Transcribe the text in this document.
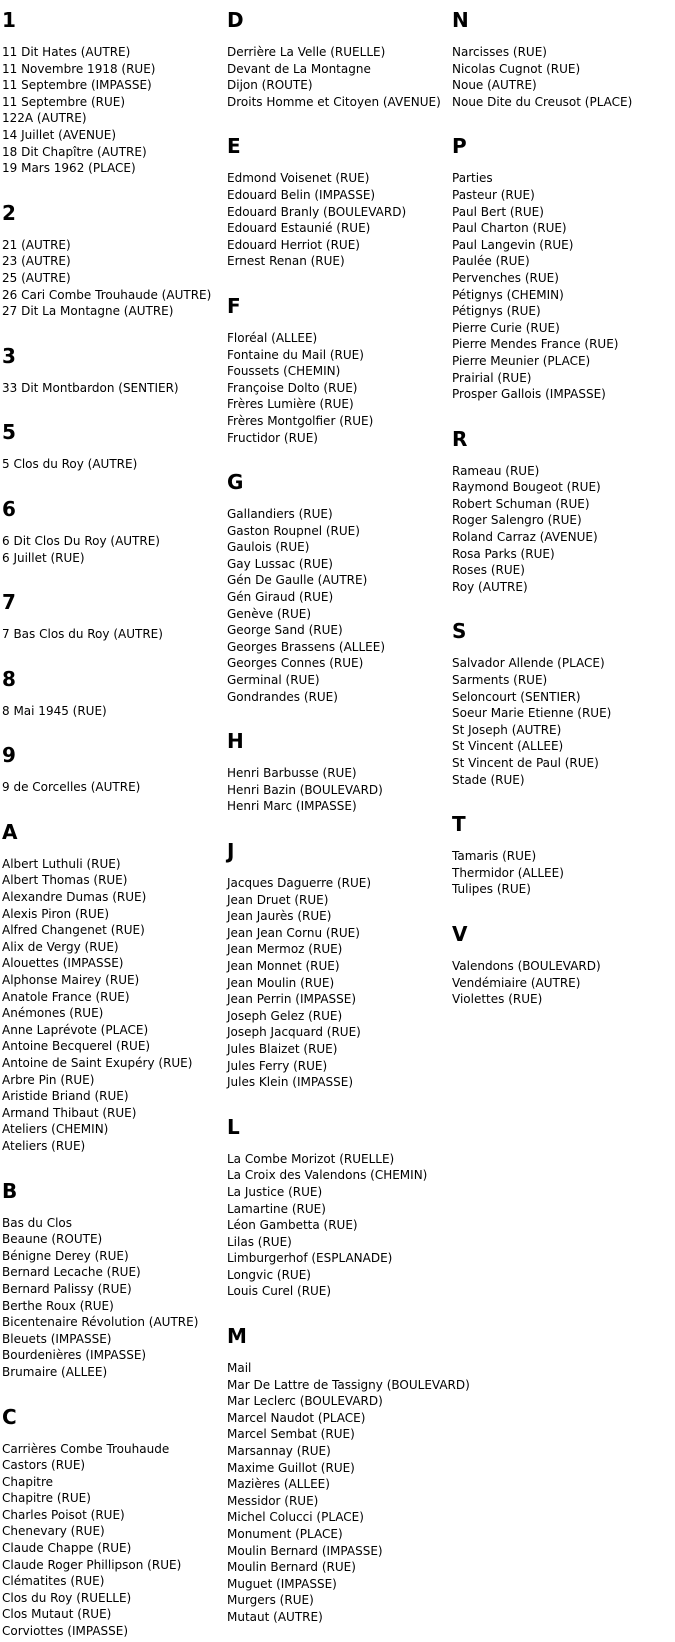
1
11 Dit Hates (AUTRE)
11 Novembre 1918 (RUE)
11 Septembre (IMPASSE)
11 Septembre (RUE)
122A (AUTRE)
14 Juillet (AVENUE)
18 Dit Chapître (AUTRE)
19 Mars 1962 (PLACE)
2
21 (AUTRE)
23 (AUTRE)
25 (AUTRE)
26 Cari Combe Trouhaude (AUTRE)
27 Dit La Montagne (AUTRE)
3
33 Dit Montbardon (SENTIER)
5
5 Clos du Roy (AUTRE)
6
6 Dit Clos Du Roy (AUTRE)
6 Juillet (RUE)
7
7 Bas Clos du Roy (AUTRE)
8
8 Mai 1945 (RUE)
9
9 de Corcelles (AUTRE)
A
Albert Luthuli (RUE)
Albert Thomas (RUE)
Alexandre Dumas (RUE)
Alexis Piron (RUE)
Alfred Changenet (RUE)
Alix de Vergy (RUE)
Alouettes (IMPASSE)
Alphonse Mairey (RUE)
Anatole France (RUE)
Anémones (RUE)
Anne Laprévote (PLACE)
Antoine Becquerel (RUE)
Antoine de Saint Exupéry (RUE)
Arbre Pin (RUE)
Aristide Briand (RUE)
Armand Thibaut (RUE)
Ateliers (CHEMIN)
Ateliers (RUE)
B
Bas du Clos
Beaune (ROUTE)
Bénigne Derey (RUE)
Bernard Lecache (RUE)
Bernard Palissy (RUE)
Berthe Roux (RUE)
Bicentenaire Révolution (AUTRE)
Bleuets (IMPASSE)
Bourdenières (IMPASSE)
Brumaire (ALLEE)
C
Carrières Combe Trouhaude
Castors (RUE)
Chapitre
Chapitre (RUE)
Charles Poisot (RUE)
Chenevary (RUE)
Claude Chappe (RUE)
Claude Roger Phillipson (RUE)
Clématites (RUE)
Clos du Roy (RUELLE)
Clos Mutaut (RUE)
Corviottes (IMPASSE)
D
Derrière La Velle (RUELLE)
Devant de La Montagne
Dijon (ROUTE)
Droits Homme et Citoyen (AVENUE)
E
Edmond Voisenet (RUE)
Edouard Belin (IMPASSE)
Edouard Branly (BOULEVARD)
Edouard Estaunié (RUE)
Edouard Herriot (RUE)
Ernest Renan (RUE)
F
Floréal (ALLEE)
Fontaine du Mail (RUE)
Foussets (CHEMIN)
Françoise Dolto (RUE)
Frères Lumière (RUE)
Frères Montgolfier (RUE)
Fructidor (RUE)
G
Gallandiers (RUE)
Gaston Roupnel (RUE)
Gaulois (RUE)
Gay Lussac (RUE)
Gén De Gaulle (AUTRE)
Gén Giraud (RUE)
Genève (RUE)
George Sand (RUE)
Georges Brassens (ALLEE)
Georges Connes (RUE)
Germinal (RUE)
Gondrandes (RUE)
H
Henri Barbusse (RUE)
Henri Bazin (BOULEVARD)
Henri Marc (IMPASSE)
J
Jacques Daguerre (RUE)
Jean Druet (RUE)
Jean Jaurès (RUE)
Jean Jean Cornu (RUE)
Jean Mermoz (RUE)
Jean Monnet (RUE)
Jean Moulin (RUE)
Jean Perrin (IMPASSE)
Joseph Gelez (RUE)
Joseph Jacquard (RUE)
Jules Blaizet (RUE)
Jules Ferry (RUE)
Jules Klein (IMPASSE)
L
La Combe Morizot (RUELLE)
La Croix des Valendons (CHEMIN)
La Justice (RUE)
Lamartine (RUE)
Léon Gambetta (RUE)
Lilas (RUE)
Limburgerhof (ESPLANADE)
Longvic (RUE)
Louis Curel (RUE)
M
Mail
Mar De Lattre de Tassigny (BOULEVARD)
Mar Leclerc (BOULEVARD)
Marcel Naudot (PLACE)
Marcel Sembat (RUE)
Marsannay (RUE)
Maxime Guillot (RUE)
Mazières (ALLEE)
Messidor (RUE)
Michel Colucci (PLACE)
Monument (PLACE)
Moulin Bernard (IMPASSE)
Moulin Bernard (RUE)
Muguet (IMPASSE)
Murgers (RUE)
Mutaut (AUTRE)
N
Narcisses (RUE)
Nicolas Cugnot (RUE)
Noue (AUTRE)
Noue Dite du Creusot (PLACE)
P
Parties
Pasteur (RUE)
Paul Bert (RUE)
Paul Charton (RUE)
Paul Langevin (RUE)
Paulée (RUE)
Pervenches (RUE)
Pétignys (CHEMIN)
Pétignys (RUE)
Pierre Curie (RUE)
Pierre Mendes France (RUE)
Pierre Meunier (PLACE)
Prairial (RUE)
Prosper Gallois (IMPASSE)
R
Rameau (RUE)
Raymond Bougeot (RUE)
Robert Schuman (RUE)
Roger Salengro (RUE)
Roland Carraz (AVENUE)
Rosa Parks (RUE)
Roses (RUE)
Roy (AUTRE)
S
Salvador Allende (PLACE)
Sarments (RUE)
Seloncourt (SENTIER)
Soeur Marie Etienne (RUE)
St Joseph (AUTRE)
St Vincent (ALLEE)
St Vincent de Paul (RUE)
Stade (RUE)
T
Tamaris (RUE)
Thermidor (ALLEE)
Tulipes (RUE)
V
Valendons (BOULEVARD)
Vendémiaire (AUTRE)
Violettes (RUE)
